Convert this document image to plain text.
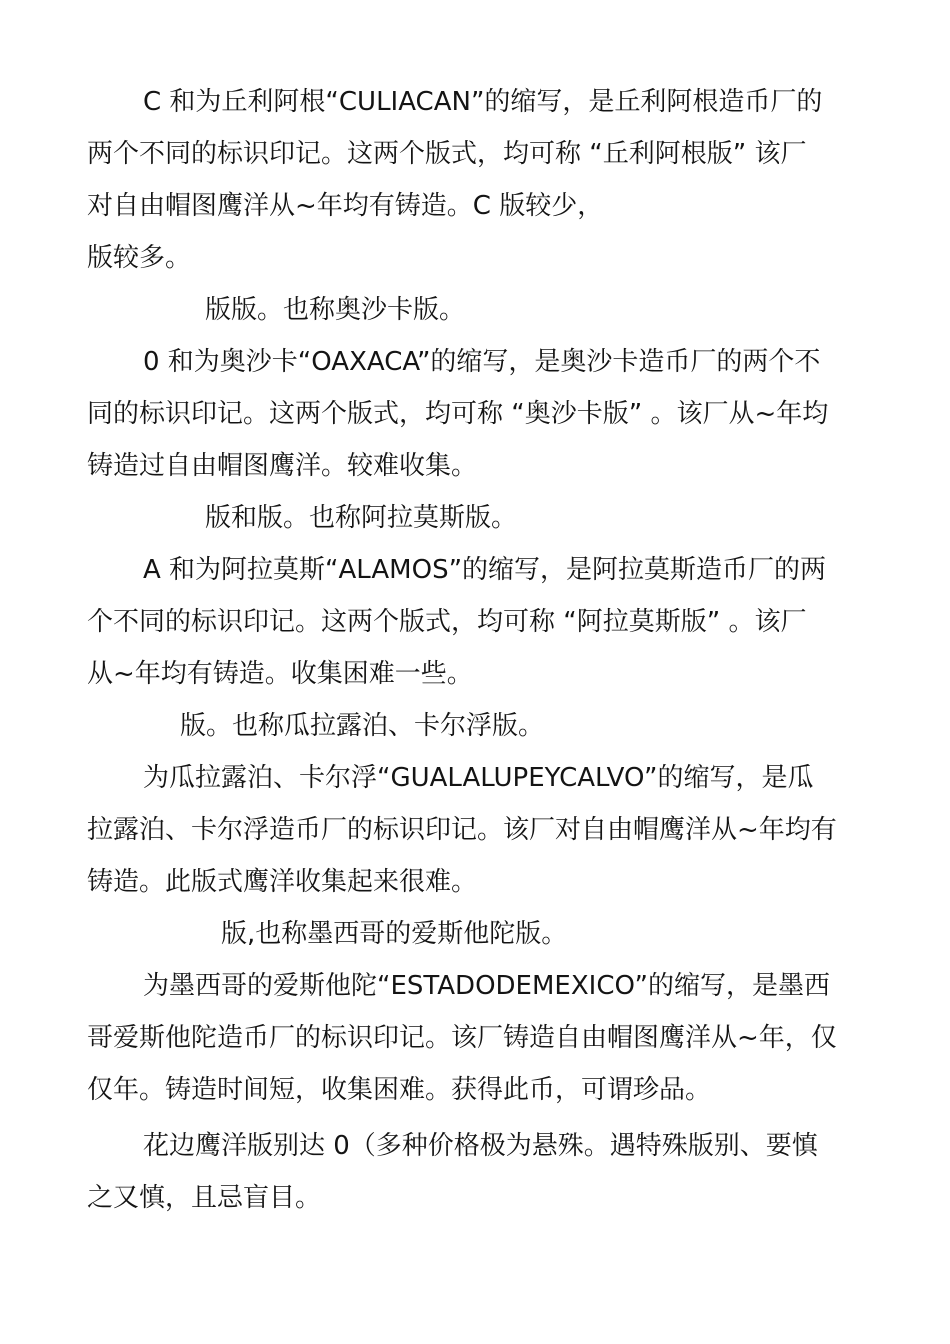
C 和为丘利阿根“CULIACAN”的缩写，是丘利阿根造币厂的

两个不同的标识印记。这两个版式，均可称 “丘利阿根版” 该厂

对自由帽图鹰洋从~年均有铸造。C 版较少，

版较多。

版版。也称奥沙卡版。

0 和为奥沙卡“OAXACA”的缩写，是奥沙卡造币厂的两个不

同的标识印记。这两个版式，均可称 “奥沙卡版” 。该厂从~年均

铸造过自由帽图鹰洋。较难收集。

版和版。也称阿拉莫斯版。

A 和为阿拉莫斯“ALAMOS”的缩写，是阿拉莫斯造币厂的两

个不同的标识印记。这两个版式，均可称 “阿拉莫斯版” 。该厂

从~年均有铸造。收集困难一些。

版。也称瓜拉露泊、卡尔浮版。

为瓜拉露泊、卡尔浮“GUALALUPEYCALVO”的缩写，是瓜

拉露泊、卡尔浮造币厂的标识印记。该厂对自由帽鹰洋从~年均有

铸造。此版式鹰洋收集起来很难。

版,也称墨西哥的爱斯他陀版。

为墨西哥的爱斯他陀“ESTADODEMEXICO”的缩写，是墨西

哥爱斯他陀造币厂的标识印记。该厂铸造自由帽图鹰洋从~年，仅

仅年。铸造时间短，收集困难。获得此币，可谓珍品。

花边鹰洋版别达 0（多种价格极为悬殊。遇特殊版别、要慎

之又慎，且忌盲目。
